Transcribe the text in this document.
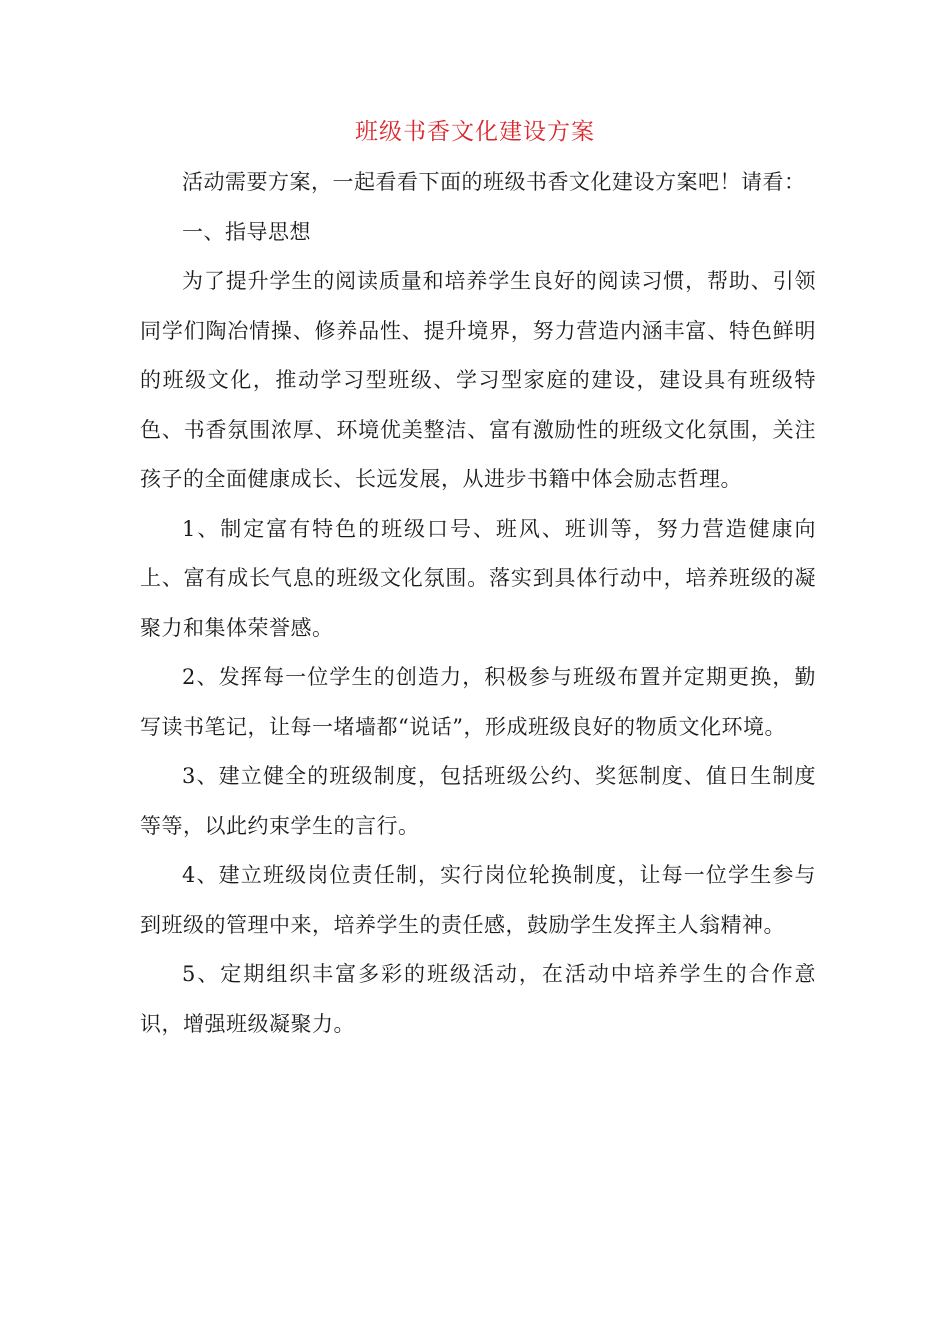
班级书香文化建设方案

活动需要方案，一起看看下面的班级书香文化建设方案吧！请看：

一、指导思想

为了提升学生的阅读质量和培养学生良好的阅读习惯，帮助、引领同学们陶冶情操、修养品性、提升境界，努力营造内涵丰富、特色鲜明的班级文化，推动学习型班级、学习型家庭的建设，建设具有班级特色、书香氛围浓厚、环境优美整洁、富有激励性的班级文化氛围，关注孩子的全面健康成长、长远发展，从进步书籍中体会励志哲理。

1、制定富有特色的班级口号、班风、班训等，努力营造健康向上、富有成长气息的班级文化氛围。落实到具体行动中，培养班级的凝聚力和集体荣誉感。

2、发挥每一位学生的创造力，积极参与班级布置并定期更换，勤写读书笔记，让每一堵墙都“说话”，形成班级良好的物质文化环境。

3、建立健全的班级制度，包括班级公约、奖惩制度、值日生制度等等，以此约束学生的言行。

4、建立班级岗位责任制，实行岗位轮换制度，让每一位学生参与到班级的管理中来，培养学生的责任感，鼓励学生发挥主人翁精神。

5、定期组织丰富多彩的班级活动，在活动中培养学生的合作意识，增强班级凝聚力。
